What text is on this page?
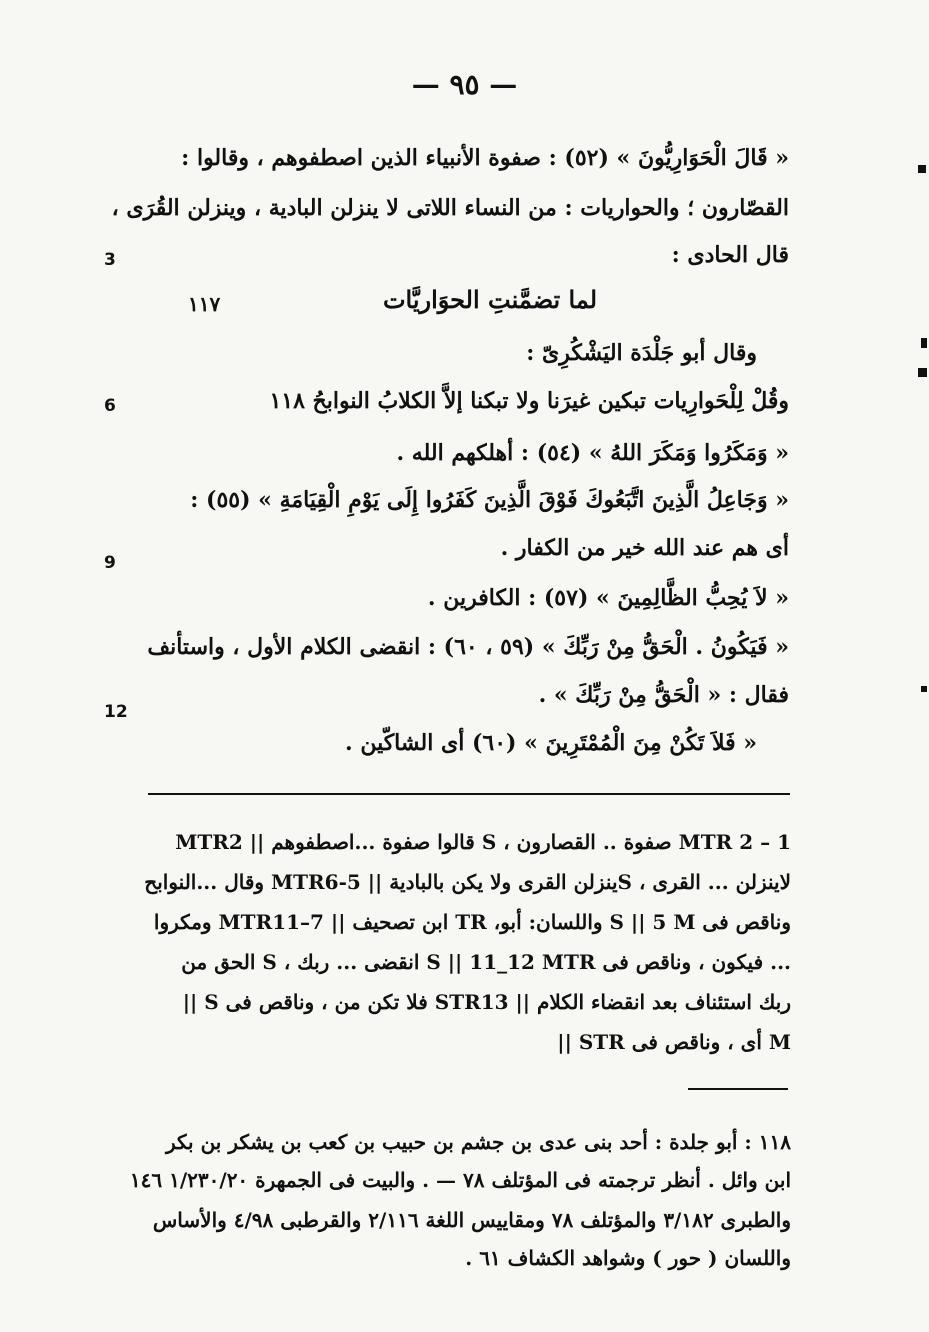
— ٩٥ —
« قَالَ الْحَوَارِيُّونَ » (٥٢) : صفوة الأنبياء الذين اصطفوهم ، وقالوا :
القصّارون ؛ والحواريات : من النساء اللاتى لا ينزلن البادية ، وينزلن القُرَى ،
قال الحادى :
3
لما تضمَّنتِ الحوَاريَّات
١١٧
وقال أبو جَلْدَة اليَشْكُرِىّ :
وقُلْ لِلْحَوارِيات تبكين غيرَنا ولا تبكنا إلاَّ الكلابُ النوابحُ ١١٨
6
« وَمَكَرُوا وَمَكَرَ اللهُ » (٥٤) : أهلكهم الله .
« وَجَاعِلُ الَّذِينَ اتَّبَعُوكَ فَوْقَ الَّذِينَ كَفَرُوا إِلَى يَوْمِ الْقِيَامَةِ » (٥٥) :
أى هم عند الله خير من الكفار .
9
« لاَ يُحِبُّ الظَّالِمِينَ » (٥٧) : الكافرين .
« فَيَكُونُ . الْحَقُّ مِنْ رَبِّكَ » (٥٩ ، ٦٠) : انقضى الكلام الأول ، واستأنف
فقال : « الْحَقُّ مِنْ رَبِّكَ » .
12
« فَلاَ تَكُنْ مِنَ الْمُمْتَرِينَ » (٦٠) أى الشاكّين .
1 – 2 MTR صفوة .. القصارون ، S قالوا صفوة ...اصطفوهم || MTR2
لاينزلن ... القرى ، Sينزلن القرى ولا يكن بالبادية || 5-MTR6 وقال ...النوابح
وناقص فى S || 5 M واللسان: أبو، TR ابن تصحيف || 7–MTR11 ومكروا
... فيكون ، وناقص فى S || 11_12 MTR انقضى ... ربك ، S الحق من
ربك استئناف بعد انقضاء الكلام || STR13 فلا تكن من ، وناقص فى S ||
M أى ، وناقص فى STR ||
١١٨ : أبو جلدة : أحد بنى عدى بن جشم بن حبيب بن كعب بن يشكر بن بكر
ابن وائل . أنظر ترجمته فى المؤتلف ٧٨ — . والبيت فى الجمهرة ١/٢٣٠/٢٠ ١٤٦
والطبرى ٣/١٨٢ والمؤتلف ٧٨ ومقاييس اللغة ٢/١١٦ والقرطبى ٤/٩٨ والأساس
واللسان ( حور ) وشواهد الكشاف ٦١ .
